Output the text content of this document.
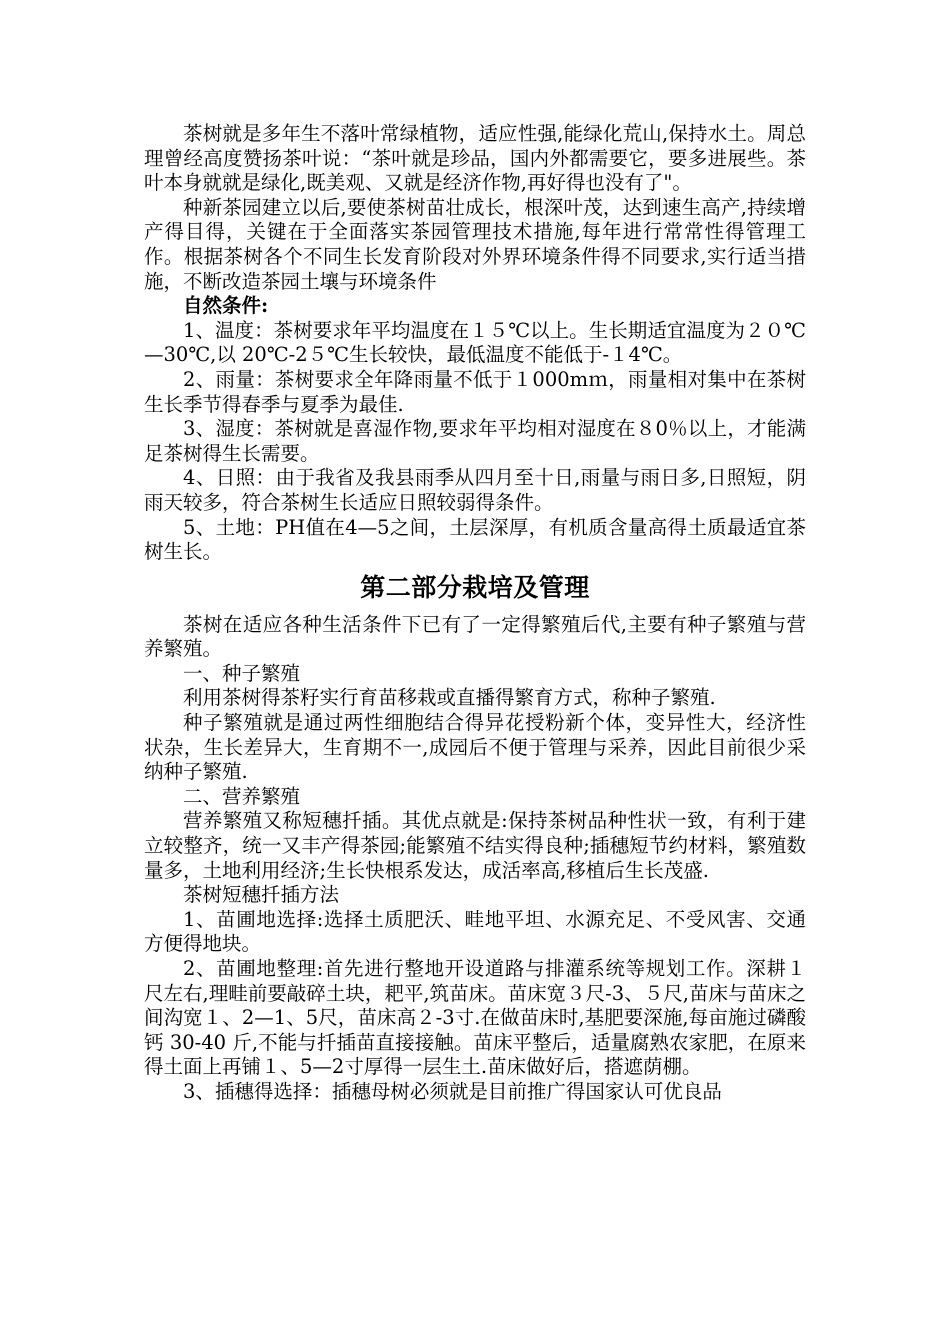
茶树就是多年生不落叶常绿植物，适应性强,能绿化荒山,保持水土。周总理曾经高度赞扬茶叶说：“茶叶就是珍品，国内外都需要它，要多进展些。茶叶本身就就是绿化,既美观、又就是经济作物,再好得也没有了"。

种新茶园建立以后,要使茶树苗壮成长，根深叶茂，达到速生高产,持续增产得目得，关键在于全面落实茶园管理技术措施,每年进行常常性得管理工作。根据茶树各个不同生长发育阶段对外界环境条件得不同要求,实行适当措施，不断改造茶园土壤与环境条件

自然条件:

1、温度：茶树要求年平均温度在１５℃以上。生长期适宜温度为２０℃—30℃,以 20℃-2５℃生长较快，最低温度不能低于-１4℃。

2、雨量：茶树要求全年降雨量不低于１000mｍ，雨量相对集中在茶树生长季节得春季与夏季为最佳.

3、湿度：茶树就是喜湿作物,要求年平均相对湿度在８0％以上，才能满足茶树得生长需要。

4、日照：由于我省及我县雨季从四月至十日,雨量与雨日多,日照短，阴雨天较多，符合茶树生长适应日照较弱得条件。

5、土地：PH值在4—5之间，土层深厚，有机质含量高得土质最适宜茶树生长。

第二部分栽培及管理

茶树在适应各种生活条件下已有了一定得繁殖后代,主要有种子繁殖与营养繁殖。

一、种子繁殖

利用茶树得茶籽实行育苗移栽或直播得繁育方式，称种子繁殖.

种子繁殖就是通过两性细胞结合得异花授粉新个体，变异性大，经济性状杂，生长差异大，生育期不一,成园后不便于管理与采养，因此目前很少采纳种子繁殖.

二、营养繁殖

营养繁殖又称短穗扦插。其优点就是:保持茶树品种性状一致，有利于建立较整齐，统一又丰产得茶园;能繁殖不结实得良种;插穗短节约材料，繁殖数量多，土地利用经济;生长快根系发达，成活率高,移植后生长茂盛.

茶树短穗扦插方法

1、苗圃地选择:选择土质肥沃、畦地平坦、水源充足、不受风害、交通方便得地块。

2、苗圃地整理:首先进行整地开设道路与排灌系统等规划工作。深耕１尺左右,理畦前要敲碎土块，耙平,筑苗床。苗床宽３尺-3、５尺,苗床与苗床之间沟宽１、2—1、5尺，苗床高２-3寸.在做苗床时,基肥要深施,每亩施过磷酸钙 30-40 斤,不能与扦插苗直接接触。苗床平整后，适量腐熟农家肥，在原来得土面上再铺１、5—2寸厚得一层生土.苗床做好后，搭遮荫棚。

3、插穗得选择：插穗母树必须就是目前推广得国家认可优良品
